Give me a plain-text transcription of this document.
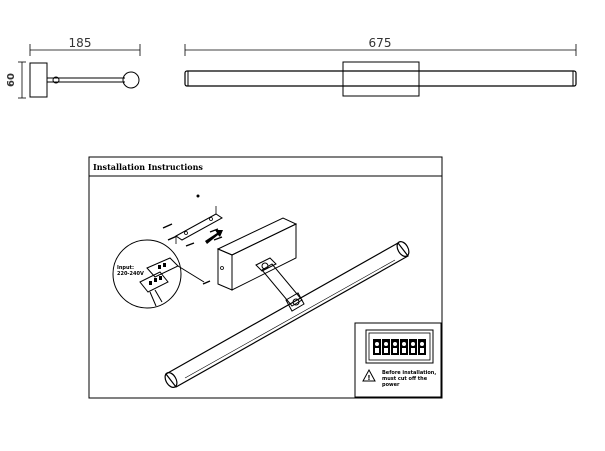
185
60
675
Installation Instructions
Input:
220-240V
!
Before installation,
must cut off the
power
